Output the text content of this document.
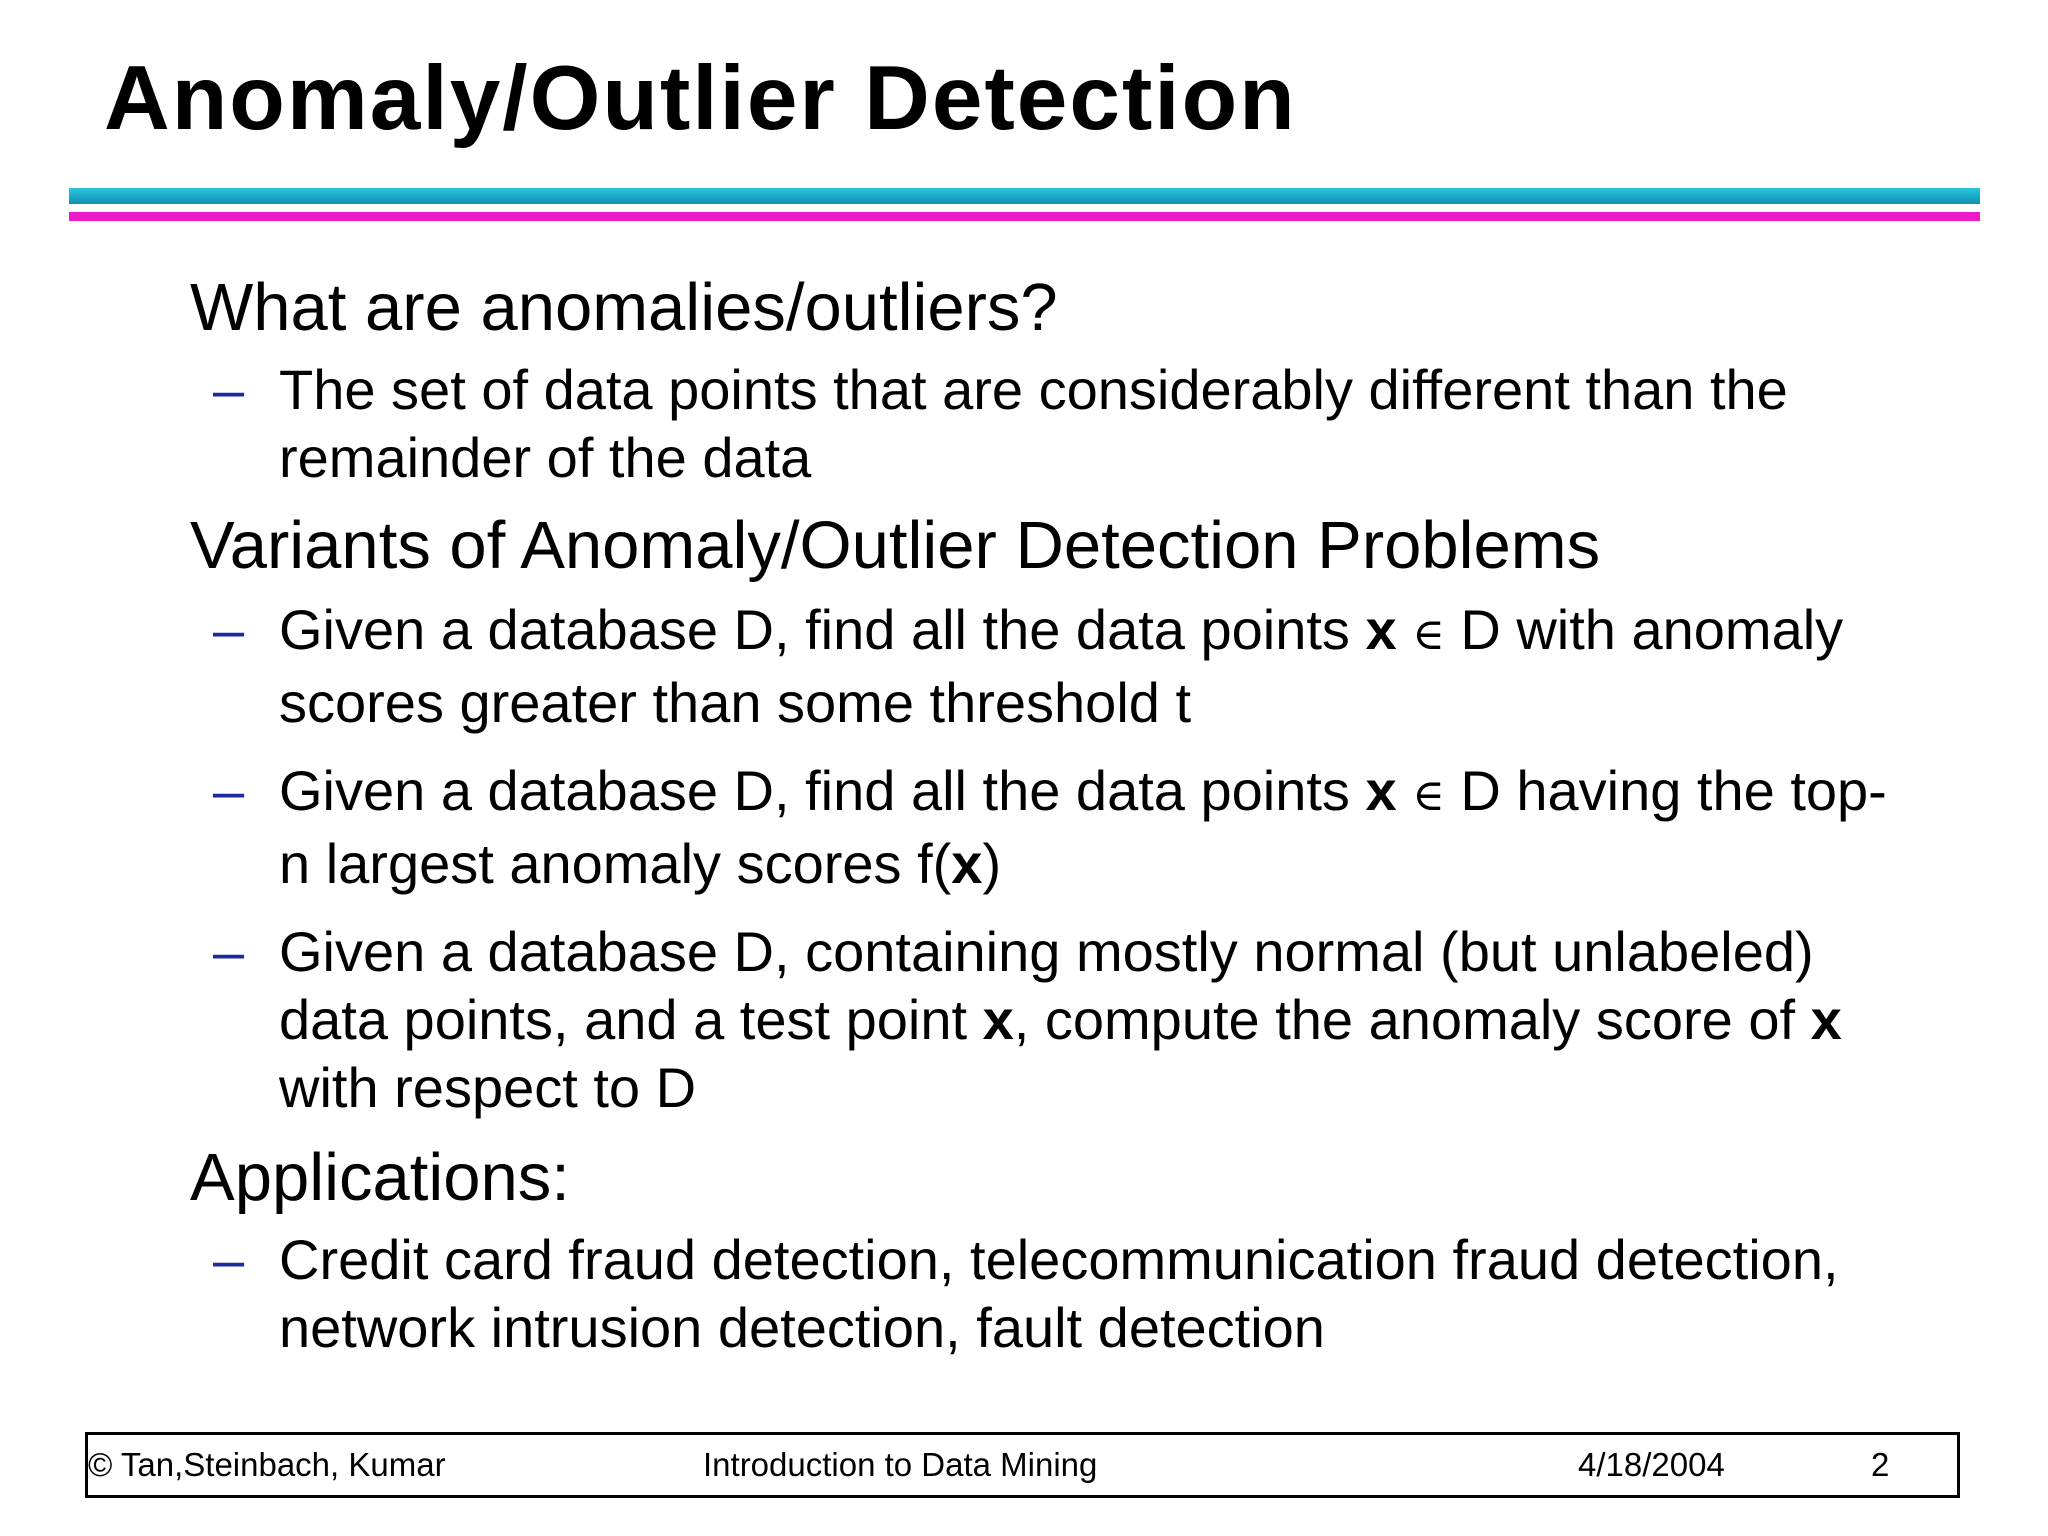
Anomaly/Outlier Detection

What are anomalies/outliers?

– The set of data points that are considerably different than the
remainder of the data

Variants of Anomaly/Outlier Detection Problems

– Given a database D, find all the data points x ∈ D with anomaly
scores greater than some threshold t
– Given a database D, find all the data points x ∈ D having the top-
n largest anomaly scores f(x)
– Given a database D, containing mostly normal (but unlabeled)
data points, and a test point x, compute the anomaly score of x
with respect to D

Applications:

– Credit card fraud detection, telecommunication fraud detection,
network intrusion detection, fault detection
© Tan,Steinbach, Kumar	Introduction to Data Mining	4/18/2004	2
